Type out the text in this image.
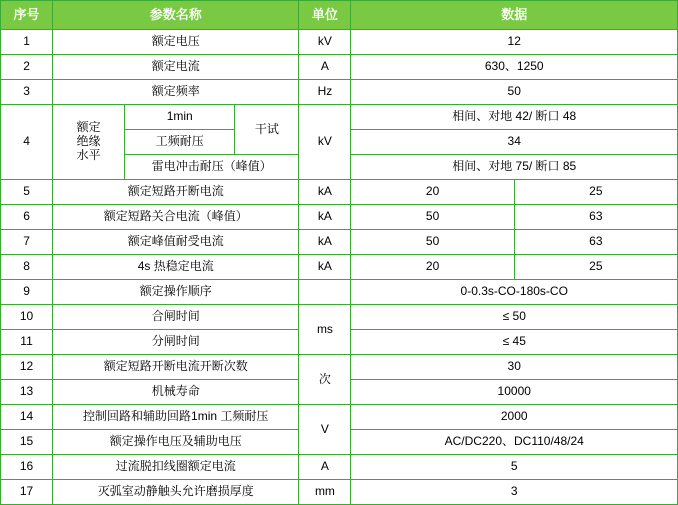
序号	参数名称			单位	数据	
1	额定电压			kV	12	
2	额定电流			A	630、1250	
3	额定频率			Hz	50	
4	额定
绝缘
水平	1min	干试	kV	相间、对地 42/ 断口 48	
		工频耐压			34	
		雷电冲击耐压（峰值）			相间、对地 75/ 断口 85	
5	额定短路开断电流			kA	20	25
6	额定短路关合电流（峰值）			kA	50	63
7	额定峰值耐受电流			kA	50	63
8	4s 热稳定电流			kA	20	25
9	额定操作顺序				0-0.3s-CO-180s-CO	
10	合闸时间			ms	≤ 50	
11	分闸时间				≤ 45	
12	额定短路开断电流开断次数			次	30	
13	机械寿命				10000	
14	控制回路和辅助回路1min 工频耐压			V	2000	
15	额定操作电压及辅助电压				AC/DC220、DC110/48/24	
16	过流脱扣线圈额定电流			A	5	
17	灭弧室动静触头允许磨损厚度			mm	3	
